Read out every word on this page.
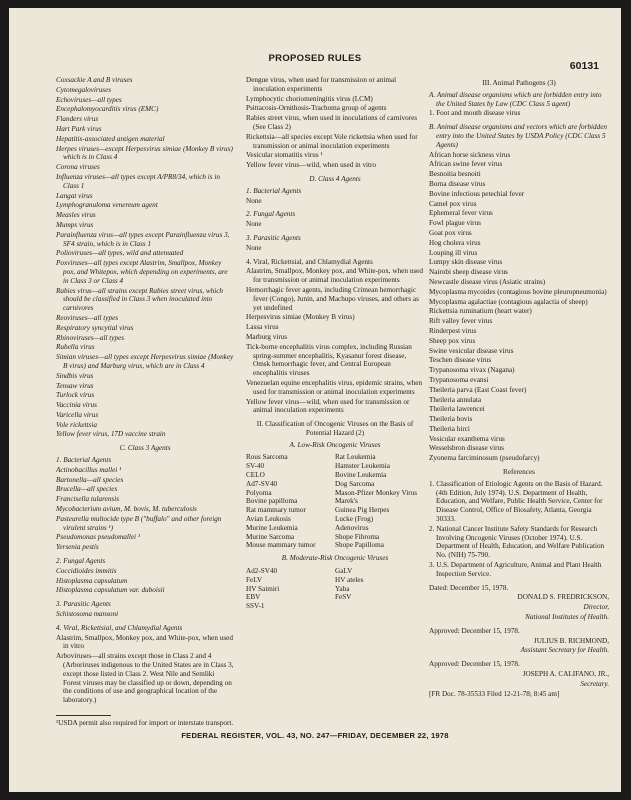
PROPOSED RULES
60131

Coxsackie A and B viruses

Cytomegaloviruses

Echoviruses—all types

Encephalomyocarditis virus (EMC)

Flanders virus

Hart Park virus

Hepatitis-associated antigen material

Herpes viruses—except Herpesvirus simiae (Monkey B virus) which is in Class 4

Corona viruses

Influenza viruses—all types except A/PR8/34, which is in Class 1

Langat virus

Lymphogranuloma venereum agent

Measles virus

Mumps virus

Parainfluenza virus—all types except Parainfluenza virus 3, SF4 strain, which is in Class 1

Polioviruses—all types, wild and attenuated

Poxviruses—all types except Alastrim, Smallpox, Monkey pox, and Whitepox, which depending on experiments, are in Class 3 or Class 4

Rabies virus—all strains except Rabies street virus, which should be classified in Class 3 when inoculated into carnivores

Reoviruses—all types

Respiratory syncytial virus

Rhinoviruses—all types

Rubella virus

Simian viruses—all types except Herpesvirus simiae (Monkey B virus) and Marburg virus, which are in Class 4

Sindbis virus

Tensaw virus

Turlock virus

Vaccinia virus

Varicella virus

Vole rickettsia

Yellow fever virus, 17D vaccine strain

C. Class 3 Agents

1. Bacterial Agents

Actinobacillus mallei ¹

Bartonella—all species

Brucella—all species

Francisella tularensis

Mycobacterium avium, M. bovis, M. tuberculosis

Pasteurella multocide type B ("buffalo" and other foreign virulent strains ¹)

Pseudomonas pseudomallei ¹

Yersenia pestis

2. Fungal Agents

Coccidioides immitis

Histoplasma capsulatum

Histoplasma capsulatum var. duboisii

3. Parasitic Agents

Schistosoma mansoni

4. Viral, Rickettsial, and Chlamydial Agents

Alastrim, Smallpox, Monkey pox, and White-pox, when used in vitro

Arboviruses—all strains except those in Class 2 and 4 (Arboriruses indigenous to the United States are in Class 3, except those listed in Class 2. West Nile and Semliki Forest viruses may be classified up or down, depending on the conditions of use and geographical location of the laboratory.)

¹USDA permit also required for import or interstate transport.

Dengue virus, when used for transmission or animal inoculation experiments

Lymphocytic choriomeningitis virus (LCM)

Psittacosis-Ornithosis-Trachoma group of agents

Rabies street virus, when used in inoculations of carnivores (See Class 2)

Rickettsia—all species except Vole rickettsia when used for transmission or animal inoculation experiments

Vesicular stomatitis virus ¹

Yellow fever virus—wild, when used in vitro

D. Class 4 Agents

1. Bacterial Agents

None

2. Fungal Agents

None

3. Parasitic Agents

None

4. Viral, Rickettsial, and Chlamydial Agents

Alastrim, Smallpox, Monkey pox, and White-pox, when used for transmission or animal inoculation experiments

Hemorrhagic fever agents, including Crimean hemorrhagic fever (Congo), Junin, and Machupo viruses, and others as yet undefined

Herpesvirus simiae (Monkey B virus)

Lassa virus

Marburg virus

Tick-borne encephalitis virus complex, including Russian spring-summer encephalitis, Kyasanur forest disease, Omsk hemorrhagic fever, and Central European encephalitis viruses

Venezuelan equine encephalitis virus, epidemic strains, when used for transmission or animal inoculation experiments

Yellow fever virus—wild, when used for transmission or animal inoculation experiments

II. Classification of Oncogenic Viruses on the Basis of Potential Hazard (2)

A. Low-Risk Oncogenic Viruses

Rous Sarcoma
SV-40
CELO
Ad7-SV40
Polyoma
Bovine papilloma
Rat mammary tumor
Avian Leukosis
Murine Leukemia
Murine Sarcoma
Mouse mammary tumor
Rat Leukemia
Hamster Leukemia
Bovine Leukemia
Dog Sarcoma
Mason-Pfizer Monkey Virus
Marek's
Guinea Pig Herpes
Lucke (Frog)
Adenovirus
Shope Fibroma
Shope Papilloma

B. Moderate-Risk Oncogenic Viruses

Ad2-SV40
FeLV
HV Saimiri
EBV
SSV-1
GaLV
HV ateles
Yaba
FeSV

III. Animal Pathogens (3)

A. Animal disease organisms which are forbidden entry into the United States by Law (CDC Class 5 agent)

1. Foot and mouth disease virus

B. Animal disease organisms and vectors which are forbidden entry into the United States by USDA Policy (CDC Class 5 Agents)

African horse sickness virus

African swine fever virus

Besnoitia besnoiti

Borna disease virus

Bovine infectious petechial fever

Camel pox virus

Ephemeral fever virus

Fowl plague virus

Goat pox virus

Hog cholera virus

Louping ill virus

Lumpy skin disease virus

Nairobi sheep disease virus

Newcastle disease virus (Asiatic strains)

Mycoplasma mycoides (contagious bovine pleuropneumonia)

Mycoplasma agalactiae (contagious agalactia of sheep)

Rickettsia ruminatium (heart water)

Rift valley fever virus

Rinderpest virus

Sheep pox virus

Swine vesicular disease virus

Teschen disease virus

Trypanosoma vivax (Nagana)

Trypanosoma evansi

Theileria parva (East Coast fever)

Theileria annulata

Theileria lawrencei

Theileria bovis

Theileria hirci

Vesicular exanthema virus

Wesselsbron disease virus

Zyonema farciminosum (pseudofarcy)

References

1. Classification of Etiologic Agents on the Basis of Hazard. (4th Edition, July 1974). U.S. Department of Health, Education, and Welfare, Public Health Service, Center for Disease Control, Office of Biosafety, Atlanta, Georgia 30333.

2. National Cancer Institute Safety Standards for Research Involving Oncogenic Viruses (October 1974). U.S. Department of Health, Education, and Welfare Publication No. (NIH) 75-790.

3. U.S. Department of Agriculture, Animal and Plant Health Inspection Service.

Dated: December 15, 1978.

DONALD S. FREDRICKSON,

Director,

National Institutes of Health.

Approved: December 15, 1978.

JULIUS B. RICHMOND,

Assistant Secretary for Health.

Approved: December 15, 1978.

JOSEPH A. CALIFANO, JR.,

Secretary.

[FR Doc. 78-35533 Filed 12-21-78; 8:45 am]

FEDERAL REGISTER, VOL. 43, NO. 247—FRIDAY, DECEMBER 22, 1978
